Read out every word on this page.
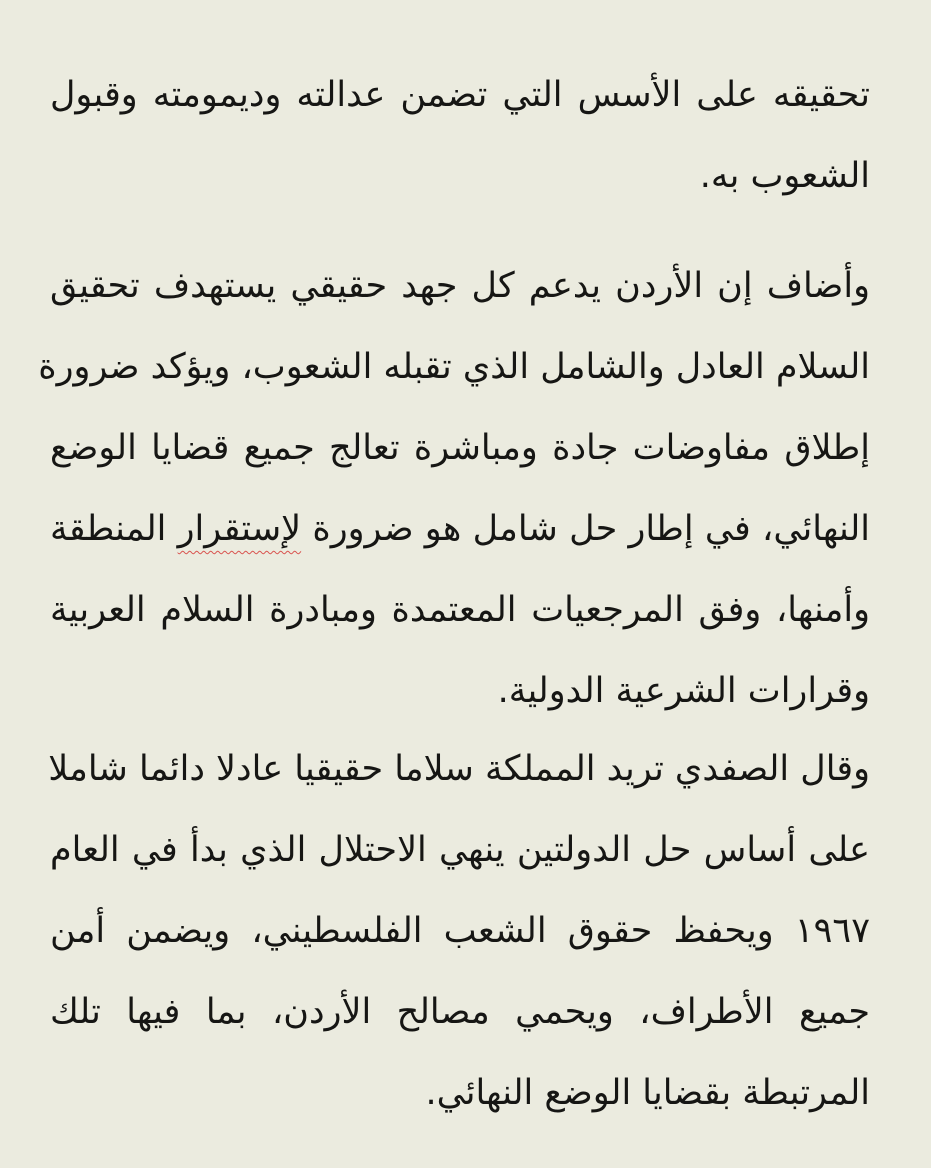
تحقيقه على الأسس التي تضمن عدالته وديمومته وقبول
الشعوب به.
وأضاف إن الأردن يدعم كل جهد حقيقي يستهدف تحقيق
السلام العادل والشامل الذي تقبله الشعوب، ويؤكد ضرورة
إطلاق مفاوضات جادة ومباشرة تعالج جميع قضايا الوضع
النهائي، في إطار حل شامل هو ضرورة لإستقرار المنطقة
وأمنها، وفق المرجعيات المعتمدة ومبادرة السلام العربية
وقرارات الشرعية الدولية.
وقال الصفدي تريد المملكة سلاما حقيقيا عادلا دائما شاملا
على أساس حل الدولتين ينهي الاحتلال الذي بدأ في العام
١٩٦٧ ويحفظ حقوق الشعب الفلسطيني، ويضمن أمن
جميع الأطراف، ويحمي مصالح الأردن، بما فيها تلك
المرتبطة بقضايا الوضع النهائي.
